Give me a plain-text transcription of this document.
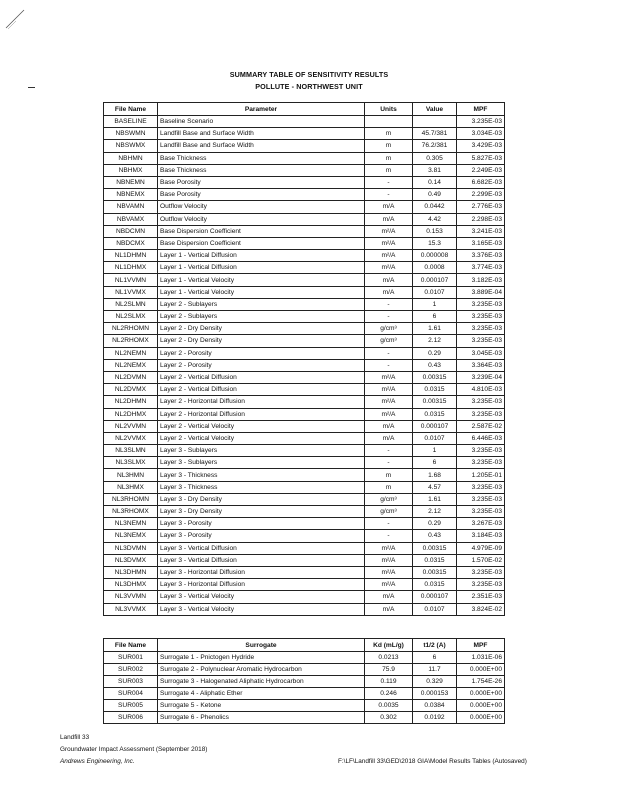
SUMMARY TABLE OF SENSITIVITY RESULTS
POLLUTE - NORTHWEST UNIT
File Name	Parameter	Units	Value	MPF
BASELINE	Baseline Scenario			3.235E-03
NBSWMN	Landfill Base and Surface Width	m	45.7/381	3.034E-03
NBSWMX	Landfill Base and Surface Width	m	76.2/381	3.429E-03
NBHMN	Base Thickness	m	0.305	5.827E-03
NBHMX	Base Thickness	m	3.81	2.249E-03
NBNEMN	Base Porosity	-	0.14	6.682E-03
NBNEMX	Base Porosity	-	0.49	2.299E-03
NBVAMN	Outflow Velocity	m/A	0.0442	2.776E-03
NBVAMX	Outflow Velocity	m/A	4.42	2.298E-03
NBDCMN	Base Dispersion Coefficient	m²/A	0.153	3.241E-03
NBDCMX	Base Dispersion Coefficient	m²/A	15.3	3.165E-03
NL1DHMN	Layer 1 - Vertical Diffusion	m²/A	0.000008	3.376E-03
NL1DHMX	Layer 1 - Vertical Diffusion	m²/A	0.0008	3.774E-03
NL1VVMN	Layer 1 - Vertical Velocity	m/A	0.000107	3.182E-03
NL1VVMX	Layer 1 - Vertical Velocity	m/A	0.0107	3.889E-04
NL2SLMN	Layer 2 - Sublayers	-	1	3.235E-03
NL2SLMX	Layer 2 - Sublayers	-	6	3.235E-03
NL2RHOMN	Layer 2 - Dry Density	g/cm³	1.61	3.235E-03
NL2RHOMX	Layer 2 - Dry Density	g/cm³	2.12	3.235E-03
NL2NEMN	Layer 2 - Porosity	-	0.29	3.045E-03
NL2NEMX	Layer 2 - Porosity	-	0.43	3.364E-03
NL2DVMN	Layer 2 - Vertical Diffusion	m²/A	0.00315	3.239E-04
NL2DVMX	Layer 2 - Vertical Diffusion	m²/A	0.0315	4.810E-03
NL2DHMN	Layer 2 - Horizontal Diffusion	m²/A	0.00315	3.235E-03
NL2DHMX	Layer 2 - Horizontal Diffusion	m²/A	0.0315	3.235E-03
NL2VVMN	Layer 2 - Vertical Velocity	m/A	0.000107	2.587E-02
NL2VVMX	Layer 2 - Vertical Velocity	m/A	0.0107	6.446E-03
NL3SLMN	Layer 3 - Sublayers	-	1	3.235E-03
NL3SLMX	Layer 3 - Sublayers	-	6	3.235E-03
NL3HMN	Layer 3 - Thickness	m	1.68	1.205E-01
NL3HMX	Layer 3 - Thickness	m	4.57	3.235E-03
NL3RHOMN	Layer 3 - Dry Density	g/cm³	1.61	3.235E-03
NL3RHOMX	Layer 3 - Dry Density	g/cm³	2.12	3.235E-03
NL3NEMN	Layer 3 - Porosity	-	0.29	3.267E-03
NL3NEMX	Layer 3 - Porosity	-	0.43	3.184E-03
NL3DVMN	Layer 3 - Vertical Diffusion	m²/A	0.00315	4.979E-09
NL3DVMX	Layer 3 - Vertical Diffusion	m²/A	0.0315	1.570E-02
NL3DHMN	Layer 3 - Horizontal Diffusion	m²/A	0.00315	3.235E-03
NL3DHMX	Layer 3 - Horizontal Diffusion	m²/A	0.0315	3.235E-03
NL3VVMN	Layer 3 - Vertical Velocity	m/A	0.000107	2.351E-03
NL3VVMX	Layer 3 - Vertical Velocity	m/A	0.0107	3.824E-02
File Name	Surrogate	Kd (mL/g)	t1/2 (A)	MPF
SUR001	Surrogate 1 - Pnictogen Hydride	0.0213	6	1.031E-06
SUR002	Surrogate 2 - Polynuclear Aromatic Hydrocarbon	75.9	11.7	0.000E+00
SUR003	Surrogate 3 - Halogenated Aliphatic Hydrocarbon	0.119	0.329	1.754E-26
SUR004	Surrogate 4 - Aliphatic Ether	0.246	0.000153	0.000E+00
SUR005	Surrogate 5 - Ketone	0.0035	0.0384	0.000E+00
SUR006	Surrogate 6 - Phenolics	0.302	0.0192	0.000E+00
Landfill 33
Groundwater Impact Assessment (September 2018)
Andrews Engineering, Inc.	F:\LF\Landfill 33\GED\2018 GIA\Model Results Tables (Autosaved)
